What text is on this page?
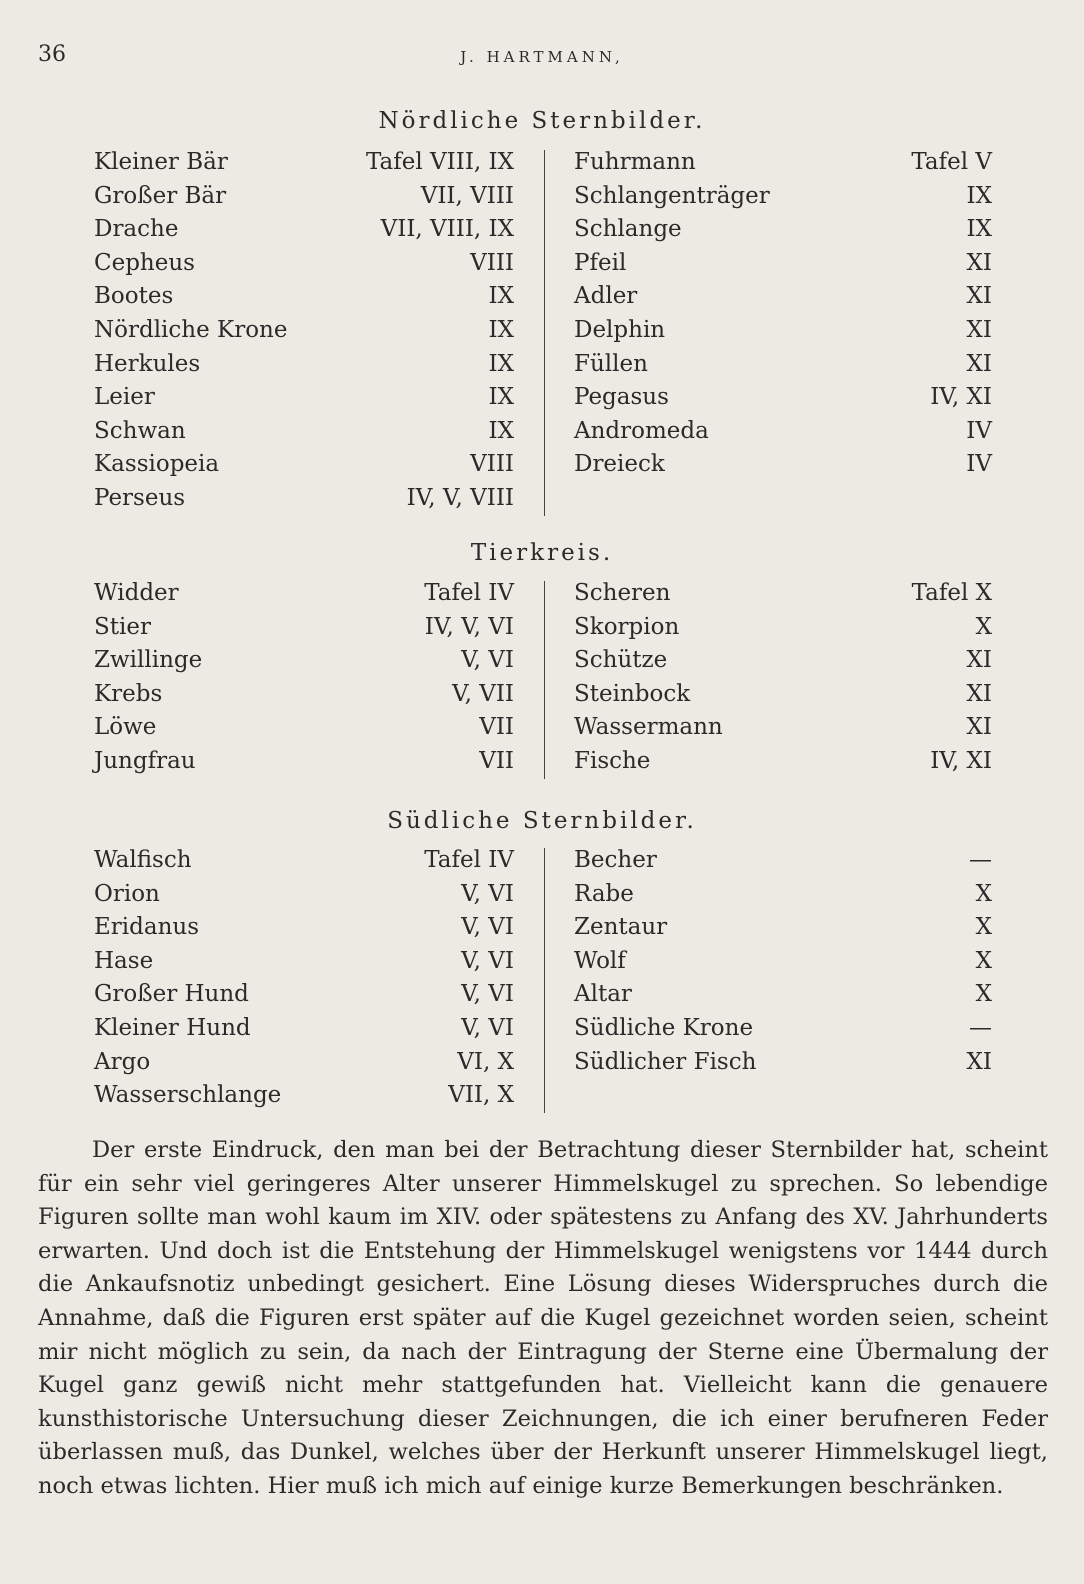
36	J. HARTMANN,
Nördliche Sternbilder.
Kleiner Bär	Tafel VIII, IX	Fuhrmann	Tafel V
Großer Bär	VII, VIII	Schlangenträger	IX
Drache	VII, VIII, IX	Schlange	IX
Cepheus	VIII	Pfeil	XI
Bootes	IX	Adler	XI
Nördliche Krone	IX	Delphin	XI
Herkules	IX	Füllen	XI
Leier	IX	Pegasus	IV, XI
Schwan	IX	Andromeda	IV
Kassiopeia	VIII	Dreieck	IV
Perseus	IV, V, VIII
Tierkreis.
Widder	Tafel IV	Scheren	Tafel X
Stier	IV, V, VI	Skorpion	X
Zwillinge	V, VI	Schütze	XI
Krebs	V, VII	Steinbock	XI
Löwe	VII	Wassermann	XI
Jungfrau	VII	Fische	IV, XI
Südliche Sternbilder.
Walfisch	Tafel IV	Becher	—
Orion	V, VI	Rabe	X
Eridanus	V, VI	Zentaur	X
Hase	V, VI	Wolf	X
Großer Hund	V, VI	Altar	X
Kleiner Hund	V, VI	Südliche Krone	—
Argo	VI, X	Südlicher Fisch	XI
Wasserschlange	VII, X

Der erste Eindruck, den man bei der Betrachtung dieser Sternbilder hat, scheint für ein sehr viel geringeres Alter unserer Himmelskugel zu sprechen. So lebendige Figuren sollte man wohl kaum im XIV. oder spätestens zu Anfang des XV. Jahrhunderts erwarten. Und doch ist die Entstehung der Himmelskugel wenigstens vor 1444 durch die Ankaufsnotiz unbedingt gesichert. Eine Lösung dieses Widerspruches durch die Annahme, daß die Figuren erst später auf die Kugel gezeichnet worden seien, scheint mir nicht möglich zu sein, da nach der Eintragung der Sterne eine Übermalung der Kugel ganz gewiß nicht mehr stattgefunden hat. Vielleicht kann die genauere kunsthistorische Untersuchung dieser Zeichnungen, die ich einer berufneren Feder überlassen muß, das Dunkel, welches über der Herkunft unserer Himmelskugel liegt, noch etwas lichten. Hier muß ich mich auf einige kurze Bemerkungen beschränken.
